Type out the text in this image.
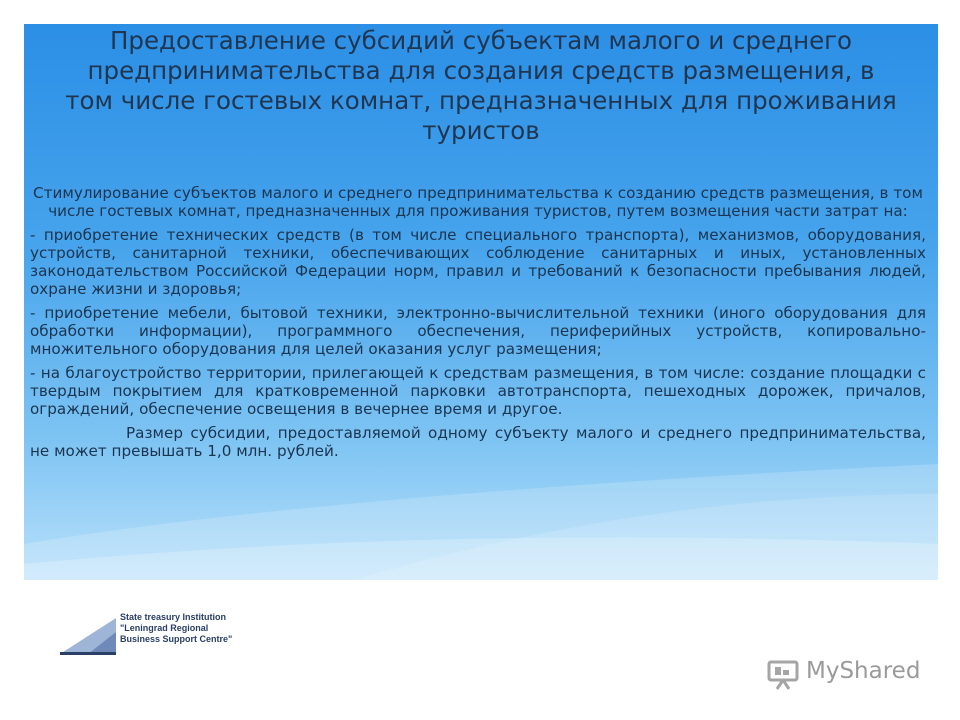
Предоставление субсидий субъектам малого и среднего предпринимательства для создания средств размещения, в том числе гостевых комнат, предназначенных для проживания туристов

Стимулирование субъектов малого и среднего предпринимательства к созданию средств размещения, в том числе гостевых комнат, предназначенных для проживания туристов, путем возмещения части затрат на:

- приобретение технических средств (в том числе специального транспорта), механизмов, оборудования, устройств, санитарной техники, обеспечивающих соблюдение санитарных и иных, установленных законодательством Российской Федерации норм, правил и требований к безопасности пребывания людей, охране жизни и здоровья;

- приобретение мебели, бытовой техники, электронно-вычислительной техники (иного оборудования для обработки информации), программного обеспечения, периферийных устройств, копировально-множительного оборудования для целей оказания услуг размещения;

- на благоустройство территории, прилегающей к средствам размещения, в том числе: создание площадки с твердым покрытием для кратковременной парковки автотранспорта, пешеходных дорожек, причалов, ограждений, обеспечение освещения в вечернее время и другое.

Размер субсидии, предоставляемой одному субъекту малого и среднего предпринимательства, не может превышать 1,0 млн. рублей.

State treasury Institution
"Leningrad Regional
Business Support Centre"
MyShared
